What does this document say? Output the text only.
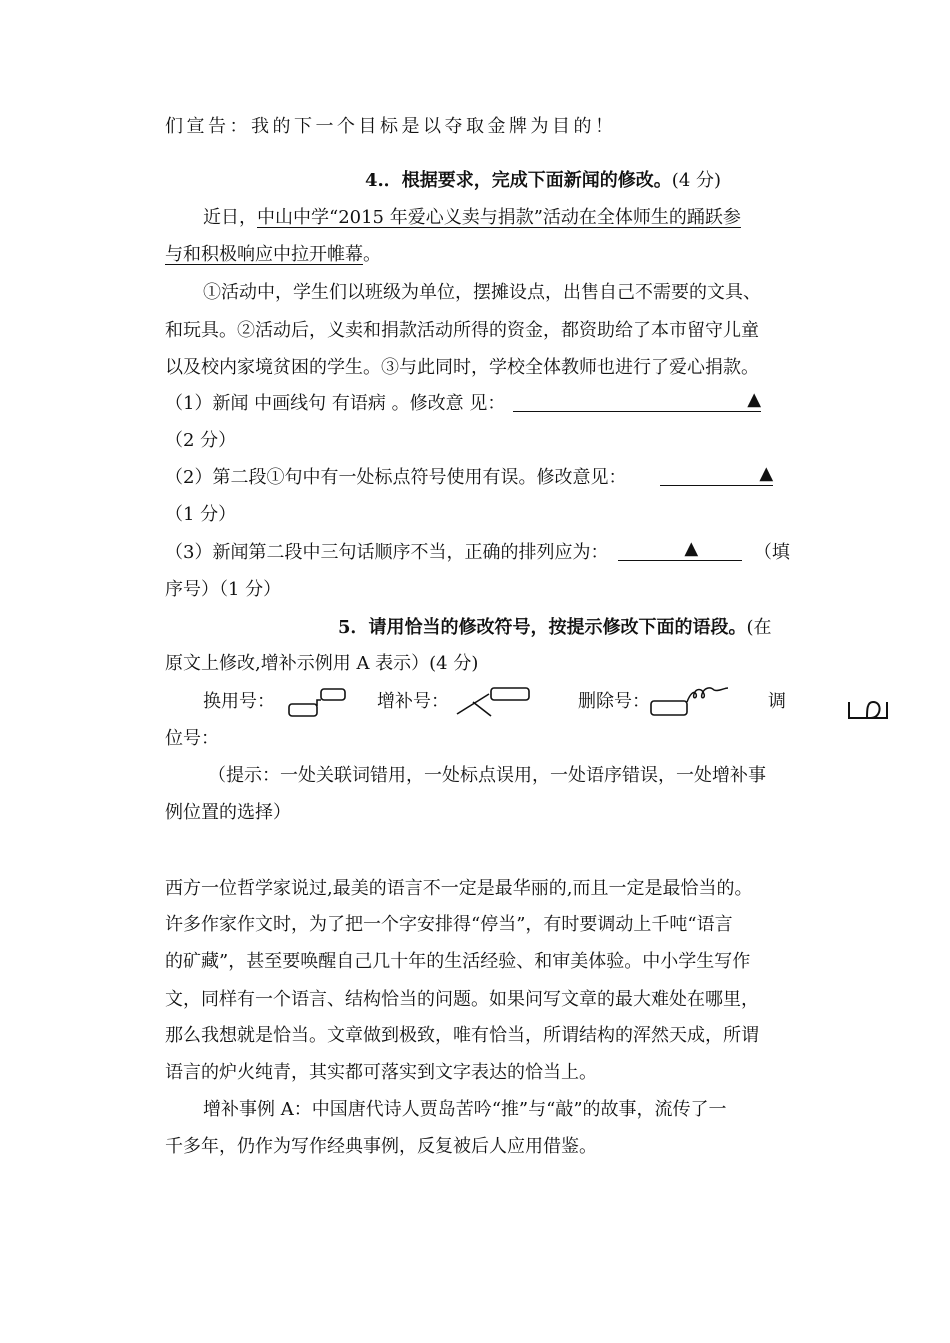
们宣告：我的下一个目标是以夺取金牌为目的！
4.．根据要求，完成下面新闻的修改。(4 分)
近日，中山中学“2015 年爱心义卖与捐款”活动在全体师生的踊跃参
与和积极响应中拉开帷幕。
①活动中，学生们以班级为单位，摆摊设点，出售自己不需要的文具、
和玩具。②活动后，义卖和捐款活动所得的资金，都资助给了本市留守儿童
以及校内家境贫困的学生。③与此同时，学校全体教师也进行了爱心捐款。
（1）新闻 中画线句 有语病 。修改意 见：	▲
（2 分）
（2）第二段①句中有一处标点符号使用有误。修改意见：	▲
（1 分）
（3）新闻第二段中三句话顺序不当，正确的排列应为：	▲	（填
序号）（1 分）
5．请用恰当的修改符号，按提示修改下面的语段。(在
原文上修改,增补示例用 A 表示）(4 分)
换用号：	增补号：	删除号：	调
位号：
（提示：一处关联词错用，一处标点误用，一处语序错误，一处增补事
例位置的选择）
西方一位哲学家说过,最美的语言不一定是最华丽的,而且一定是最恰当的。
许多作家作文时，为了把一个字安排得“停当”，有时要调动上千吨“语言
的矿藏”，甚至要唤醒自己几十年的生活经验、和审美体验。中小学生写作
文，同样有一个语言、结构恰当的问题。如果问写文章的最大难处在哪里，
那么我想就是恰当。文章做到极致，唯有恰当，所谓结构的浑然天成，所谓
语言的炉火纯青，其实都可落实到文字表达的恰当上。
增补事例 A：中国唐代诗人贾岛苦吟“推”与“敲”的故事，流传了一
千多年，仍作为写作经典事例，反复被后人应用借鉴。
